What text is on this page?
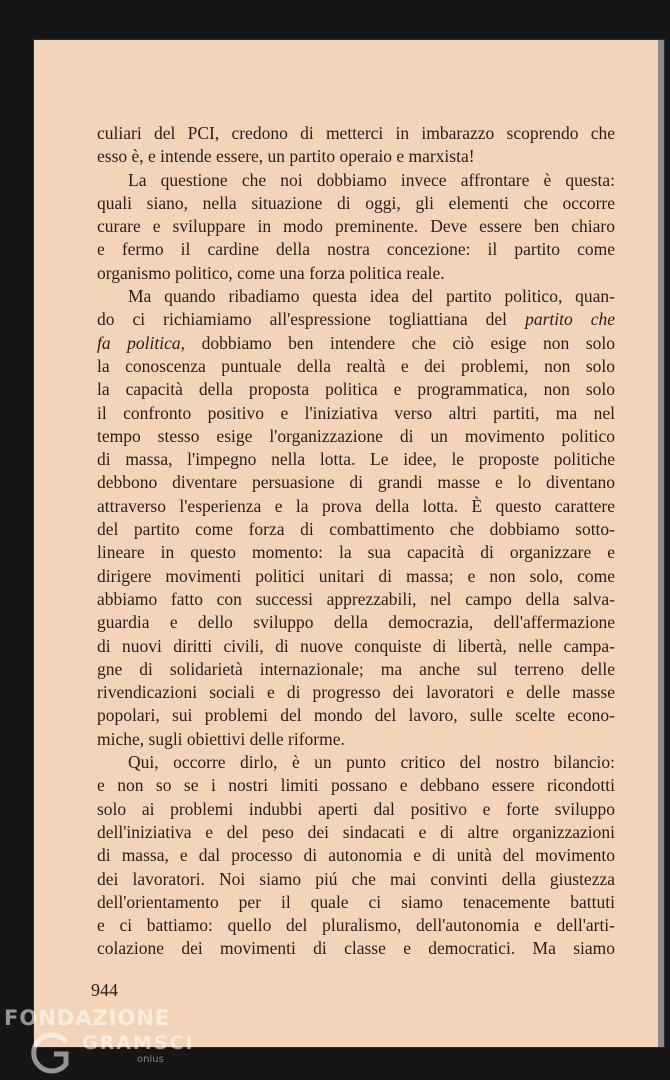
culiari del PCI, credono di metterci in imbarazzo scoprendo che
esso è, e intende essere, un partito operaio e marxista!
La questione che noi dobbiamo invece affrontare è questa:
quali siano, nella situazione di oggi, gli elementi che occorre
curare e sviluppare in modo preminente. Deve essere ben chiaro
e fermo il cardine della nostra concezione: il partito come
organismo politico, come una forza politica reale.
Ma quando ribadiamo questa idea del partito politico, quan-
do ci richiamiamo all'espressione togliattiana del partito che
fa politica, dobbiamo ben intendere che ciò esige non solo
la conoscenza puntuale della realtà e dei problemi, non solo
la capacità della proposta politica e programmatica, non solo
il confronto positivo e l'iniziativa verso altri partiti, ma nel
tempo stesso esige l'organizzazione di un movimento politico
di massa, l'impegno nella lotta. Le idee, le proposte politiche
debbono diventare persuasione di grandi masse e lo diventano
attraverso l'esperienza e la prova della lotta. È questo carattere
del partito come forza di combattimento che dobbiamo sotto-
lineare in questo momento: la sua capacità di organizzare e
dirigere movimenti politici unitari di massa; e non solo, come
abbiamo fatto con successi apprezzabili, nel campo della salva-
guardia e dello sviluppo della democrazia, dell'affermazione
di nuovi diritti civili, di nuove conquiste di libertà, nelle campa-
gne di solidarietà internazionale; ma anche sul terreno delle
rivendicazioni sociali e di progresso dei lavoratori e delle masse
popolari, sui problemi del mondo del lavoro, sulle scelte econo-
miche, sugli obiettivi delle riforme.
Qui, occorre dirlo, è un punto critico del nostro bilancio:
e non so se i nostri limiti possano e debbano essere ricondotti
solo ai problemi indubbi aperti dal positivo e forte sviluppo
dell'iniziativa e del peso dei sindacati e di altre organizzazioni
di massa, e dal processo di autonomia e di unità del movimento
dei lavoratori. Noi siamo piú che mai convinti della giustezza
dell'orientamento per il quale ci siamo tenacemente battuti
e ci battiamo: quello del pluralismo, dell'autonomia e dell'arti-
colazione dei movimenti di classe e democratici. Ma siamo
944
FONDAZIONE
GRAMSCI
onlus
